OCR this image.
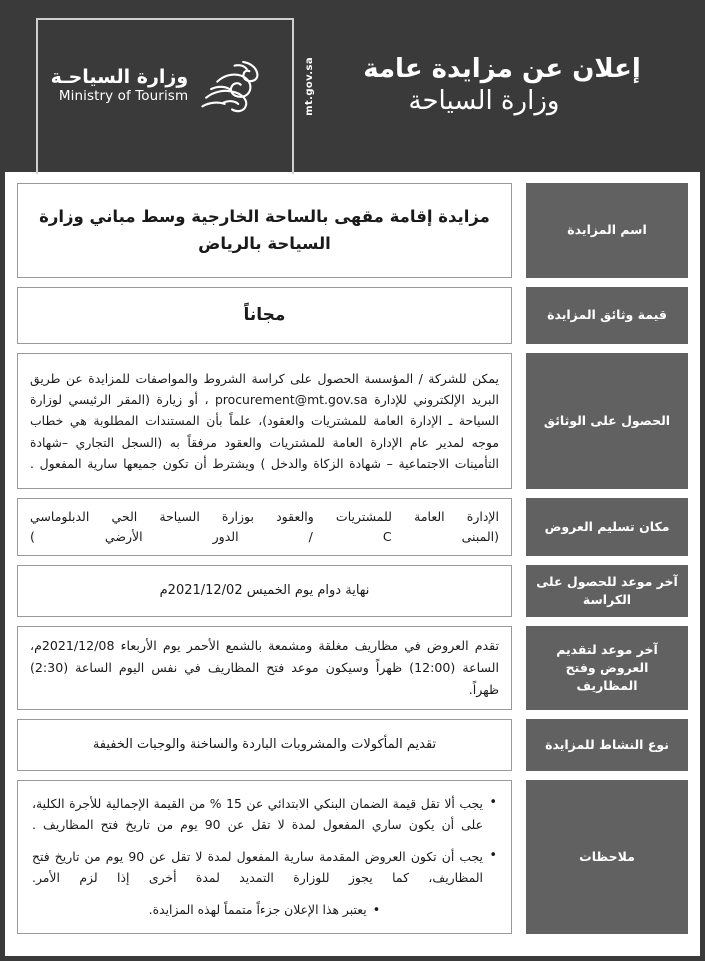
إعلان عن مزايدة عامة
وزارة السياحة
mt.gov.sa
وزارة السياحـة
Ministry of Tourism
اسم المزايدة
مزايدة إقامة مقهى بالساحة الخارجية وسط مباني وزارة السياحة بالرياض
قيمة وثائق المزايدة
مجاناً
الحصول على الوثائق
يمكن للشركة / المؤسسة الحصول على كراسة الشروط والمواصفات للمزايدة عن طريق البريد الإلكتروني للإدارة procurement@mt.gov.sa ، أو زيارة (المقر الرئيسي لوزارة السياحة ـ الإدارة العامة للمشتريات والعقود)، علماً بأن المستندات المطلوبة هي خطاب موجه لمدير عام الإدارة العامة للمشتريات والعقود مرفقاً به (السجل التجاري –شهادة التأمينات الاجتماعية – شهادة الزكاة والدخل ) ويشترط أن تكون جميعها سارية المفعول .
مكان تسليم العروض
الإدارة العامة للمشتريات والعقود بوزارة السياحة الحي الدبلوماسي
(المبنى C / الدور الأرضي )
آخر موعد للحصول على الكراسة
نهاية دوام يوم الخميس 2021/12/02م
آخر موعد لتقديم العروض وفتح المظاريف
تقدم العروض في مظاريف مغلقة ومشمعة بالشمع الأحمر يوم الأربعاء 2021/12/08م، الساعة (12:00) ظهراً وسيكون موعد فتح المظاريف في نفس اليوم الساعة (2:30) ظهراً.
نوع النشاط للمزايدة
تقديم المأكولات والمشروبات الباردة والساخنة والوجبات الخفيفة
ملاحظات
• يجب ألا تقل قيمة الضمان البنكي الابتدائي عن 15 % من القيمة الإجمالية للأجرة الكلية، على أن يكون ساري المفعول لمدة لا تقل عن 90 يوم من تاريخ فتح المظاريف .
• يجب أن تكون العروض المقدمة سارية المفعول لمدة لا تقل عن 90 يوم من تاريخ فتح المظاريف، كما يجوز للوزارة التمديد لمدة أخرى إذا لزم الأمر.
• يعتبر هذا الإعلان جزءاً متمماً لهذه المزايدة.
